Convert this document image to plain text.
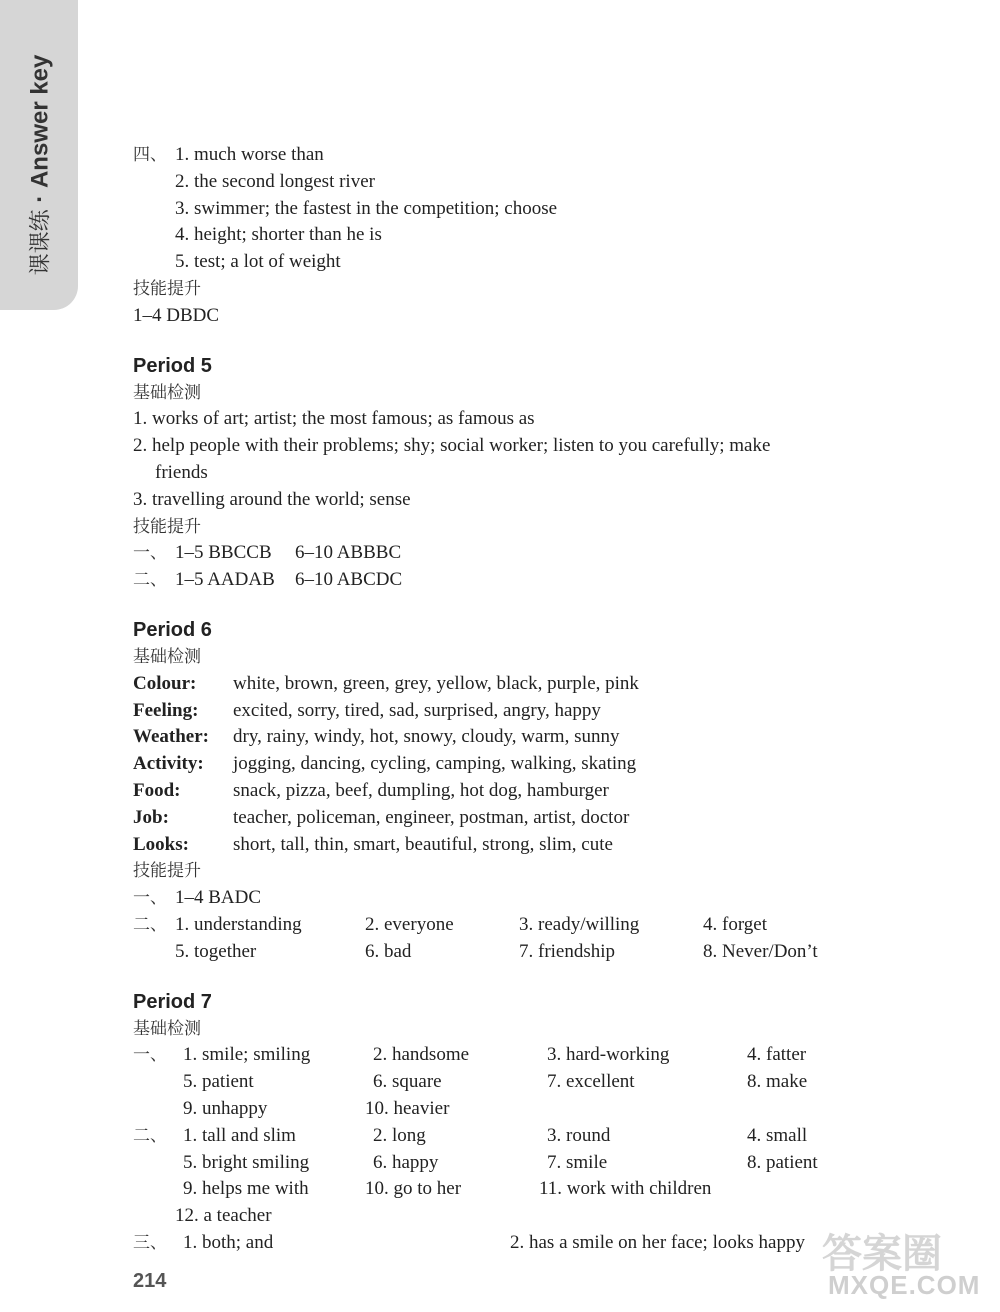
课课练 · Answer key	四、 1. much worse than
2. the second longest river
3. swimmer; the fastest in the competition; choose
4. height; shorter than he is
5. test; a lot of weight
技能提升
1–4 DBDC
Period 5
基础检测
1. works of art; artist; the most famous; as famous as
2. help people with their problems; shy; social worker; listen to you carefully; make
friends
3. travelling around the world; sense
技能提升
一、 1–5 BBCCB 6–10 ABBBC
二、 1–5 AADAB 6–10 ABCDC
Period 6
基础检测
Colour: white, brown, green, grey, yellow, black, purple, pink
Feeling: excited, sorry, tired, sad, surprised, angry, happy
Weather: dry, rainy, windy, hot, snowy, cloudy, warm, sunny
Activity: jogging, dancing, cycling, camping, walking, skating
Food:	snack, pizza, beef, dumpling, hot dog, hamburger
Job:	teacher, policeman, engineer, postman, artist, doctor
Looks: short, tall, thin, smart, beautiful, strong, slim, cute
技能提升
一、 1–4 BADC
二、 1. understanding	2. everyone	3. ready/willing	4. forget
5. together	6. bad	7. friendship	8. Never/Don’t
Period 7
基础检测
一、 1. smile; smiling	2. handsome	3. hard-working	4. fatter
5. patient	6. square	7. excellent	8. make
9. unhappy	10. heavier
二、 1. tall and slim	2. long	3. round	4. small
5. bright smiling	6. happy	7. smile	8. patient
9. helps me with	10. go to her	11. work with children
12. a teacher
三、 1. both; and	2. has a smile on her face; looks happy
214
答案圈
MXQE.COM
